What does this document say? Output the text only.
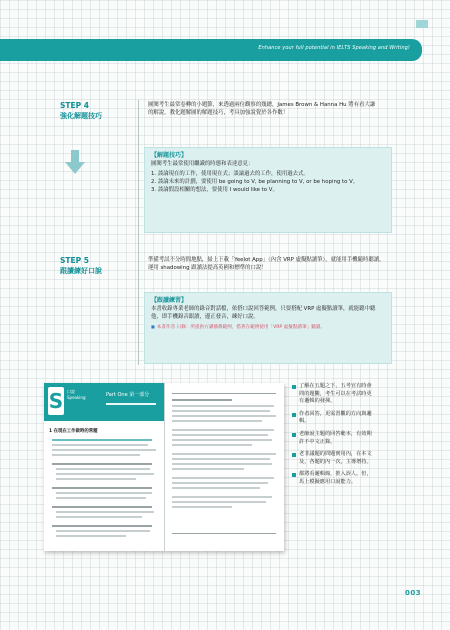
Enhance your full potential in IELTS Speaking and Writing!
STEP 4
強化解題技巧
圖閱考生最常卷轉的小題節，來透過兩位觀察的幾總，James Brown & Hanna Hu 將有看大謙的解說，教化題解圖的解題技巧，考具加強說覺於各作數！
【解題技巧】
圖閱考生最常使用繼識的時態和表達意見：
1. 談論現在的工作，使用現在式；談論過去的工作，使用過去式。
2. 談論未來的計劃，要使用 be going to V, be planning to V, or be hoping to V。
3. 談論假設相關的想法，要使用 I would like to V。
STEP 5
跟讀練好口說
準備考試不分時間地點，掃上下載「Yeelot App」（內含 VRP 虛擬點讀筆），就能用手機隨時聽讀，運用 shadowing 跟讀法提高英國和標準的口說！
【跟讀練習】
本書收錄專業老師的錄音對話檔，依搭口說回答範例，只要搭配 VRP 虛擬點讀筆，就能聽中聽他，即手機錄音跟讀，邊正發音，練好口說。
■ 本書作答 日錄：所提供方講播教範例，搭著在範例使用「VRP 虛擬點讀筆」聽讀。
S 口說
Speaking	Part One 第一部分
1 在現在工作做時的常題
了解在五題之下，五考官有時會問的題觀，考生可以在考試時更有邏輯的發揮。
作者回答，更需習觀的方向與邏輯。
老師說主題的回答範本，有效期許不中文正錄。
老非議題的問題實用內，在本文及，各題的內一次，主導增持。
都將看邏輯線，推入誤人。但，馬上模擬應用口說能力。
003
